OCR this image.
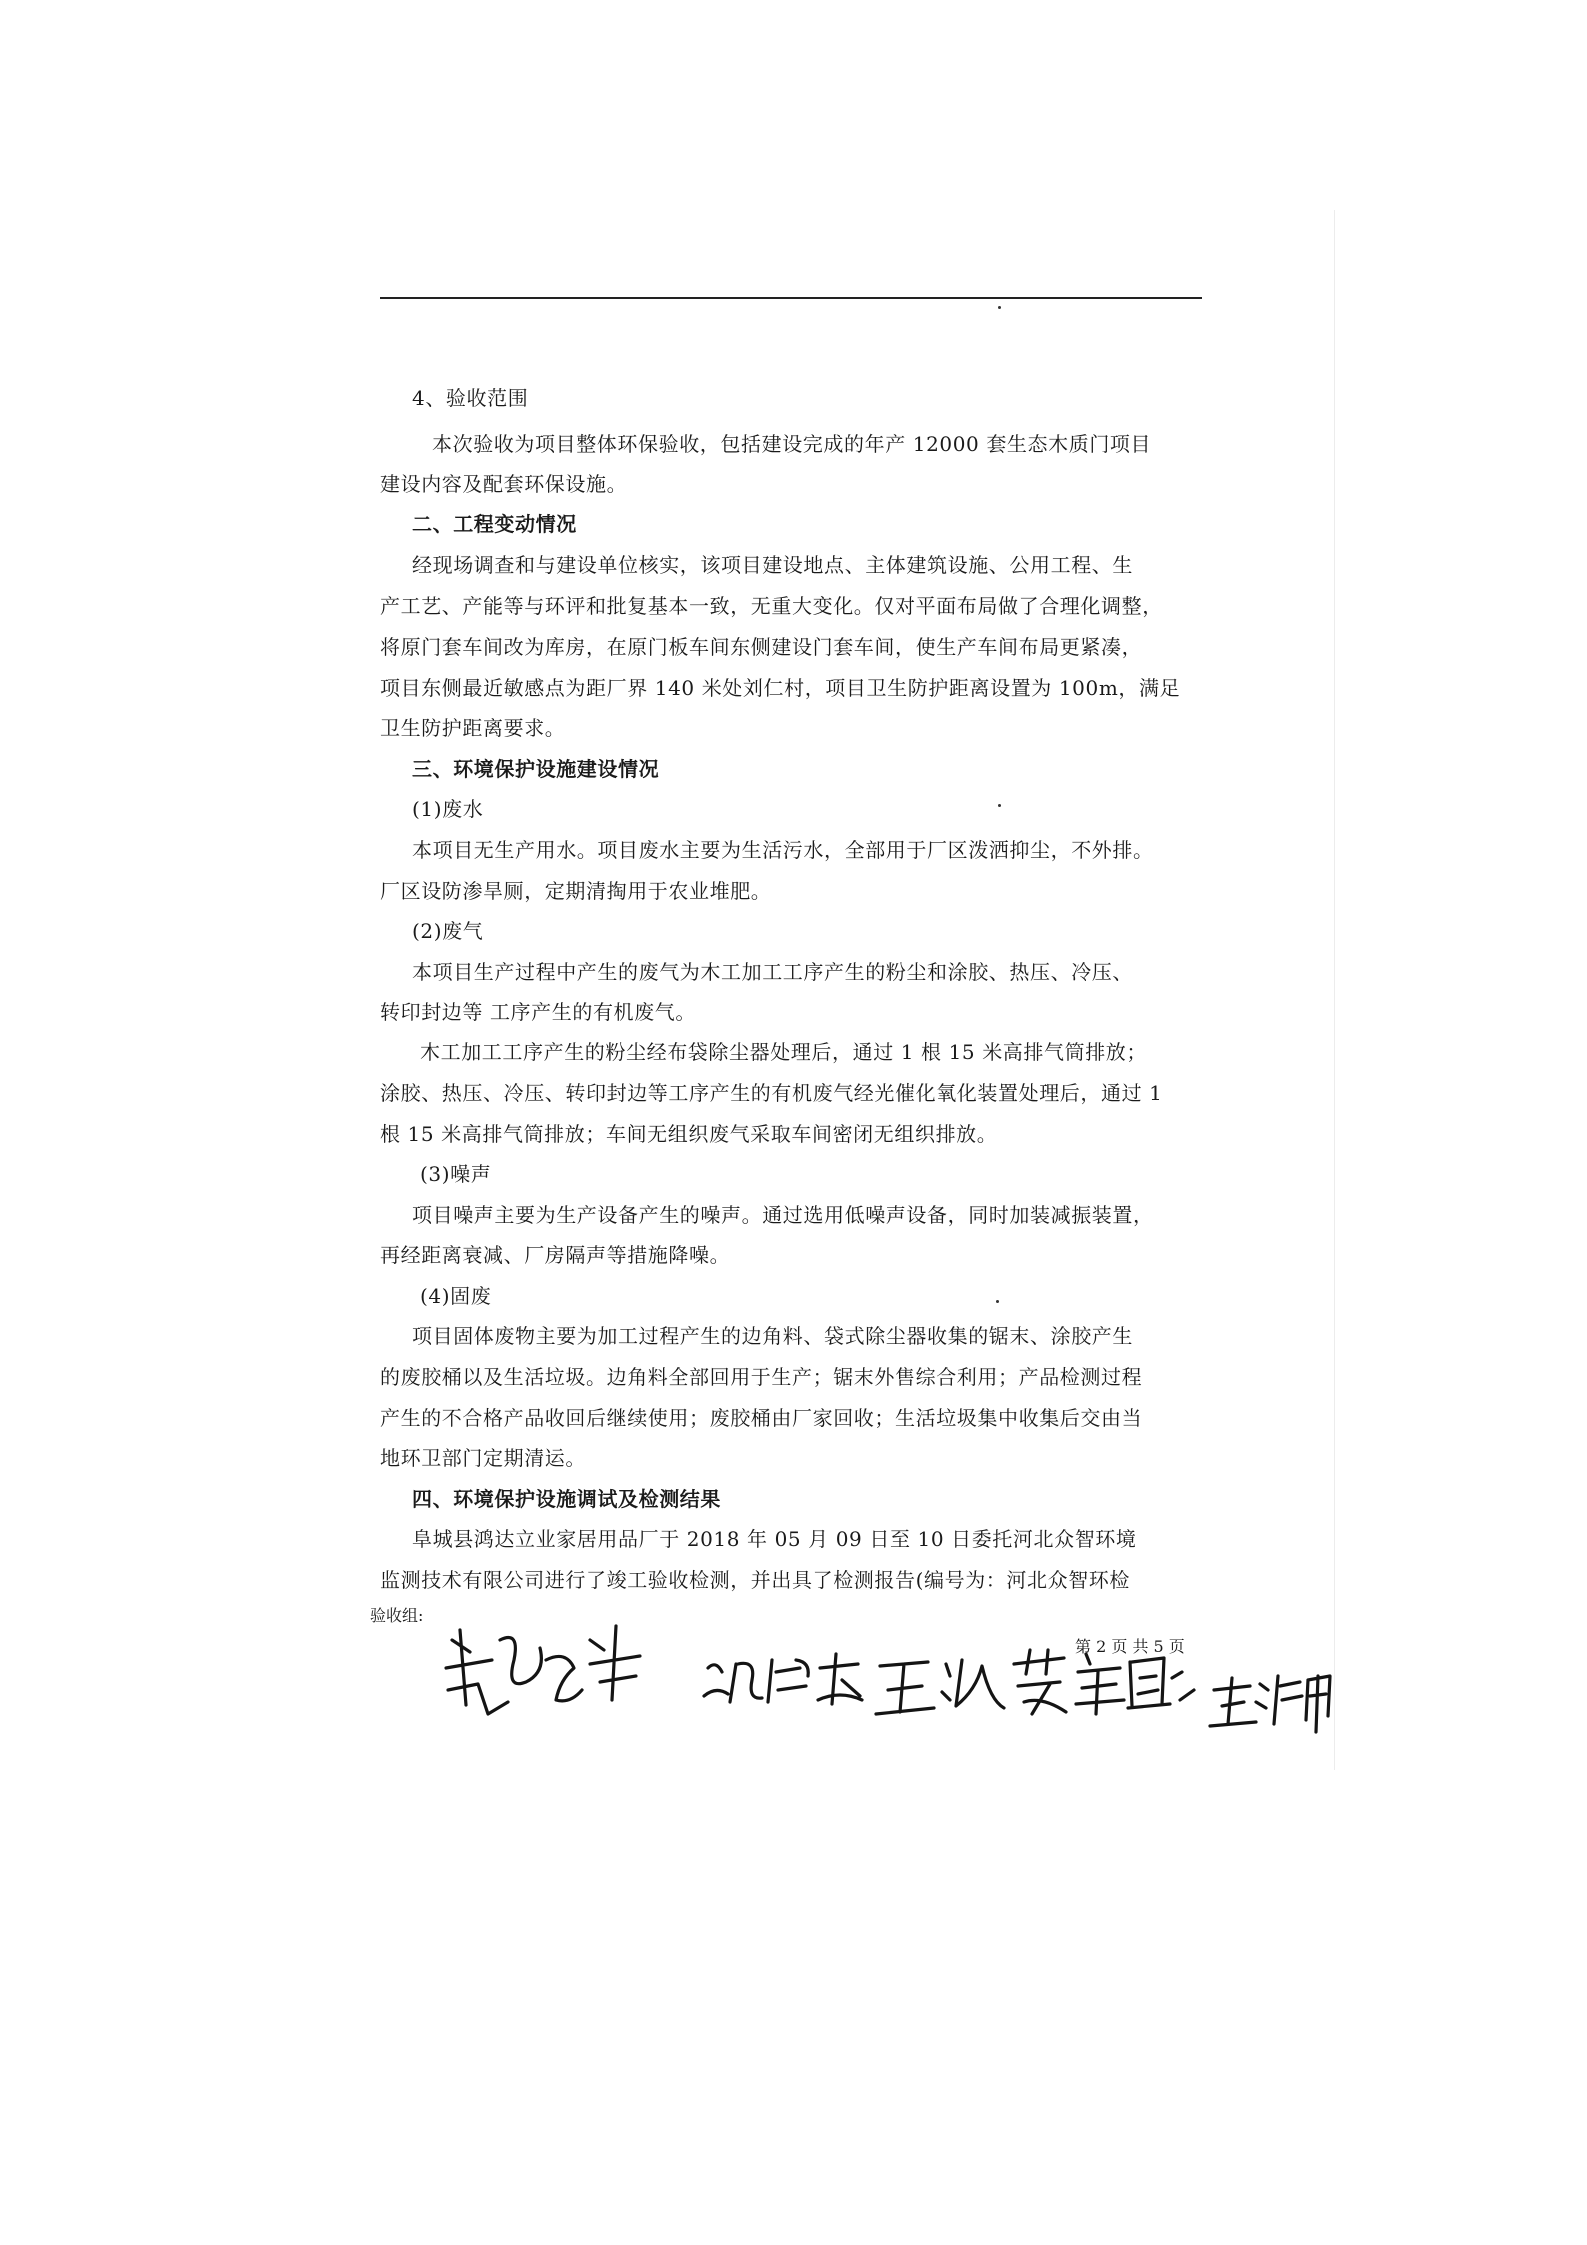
4、验收范围
本次验收为项目整体环保验收，包括建设完成的年产 12000 套生态木质门项目
建设内容及配套环保设施。
二、工程变动情况
经现场调查和与建设单位核实，该项目建设地点、主体建筑设施、公用工程、生
产工艺、产能等与环评和批复基本一致，无重大变化。仅对平面布局做了合理化调整，
将原门套车间改为库房，在原门板车间东侧建设门套车间，使生产车间布局更紧凑，
项目东侧最近敏感点为距厂界 140 米处刘仁村，项目卫生防护距离设置为 100m，满足
卫生防护距离要求。
三、环境保护设施建设情况
(1)废水
本项目无生产用水。项目废水主要为生活污水，全部用于厂区泼洒抑尘，不外排。
厂区设防渗旱厕，定期清掏用于农业堆肥。
(2)废气
本项目生产过程中产生的废气为木工加工工序产生的粉尘和涂胶、热压、冷压、
转印封边等 工序产生的有机废气。
木工加工工序产生的粉尘经布袋除尘器处理后，通过 1 根 15 米高排气筒排放；
涂胶、热压、冷压、转印封边等工序产生的有机废气经光催化氧化装置处理后，通过 1
根 15 米高排气筒排放；车间无组织废气采取车间密闭无组织排放。
(3)噪声
项目噪声主要为生产设备产生的噪声。通过选用低噪声设备，同时加装减振装置，
再经距离衰减、厂房隔声等措施降噪。
(4)固废
项目固体废物主要为加工过程产生的边角料、袋式除尘器收集的锯末、涂胶产生
的废胶桶以及生活垃圾。边角料全部回用于生产；锯末外售综合利用；产品检测过程
产生的不合格产品收回后继续使用；废胶桶由厂家回收；生活垃圾集中收集后交由当
地环卫部门定期清运。
四、环境保护设施调试及检测结果
阜城县鸿达立业家居用品厂于 2018 年 05 月 09 日至 10 日委托河北众智环境
监测技术有限公司进行了竣工验收检测，并出具了检测报告(编号为：河北众智环检
验收组:
第 2 页 共 5 页
